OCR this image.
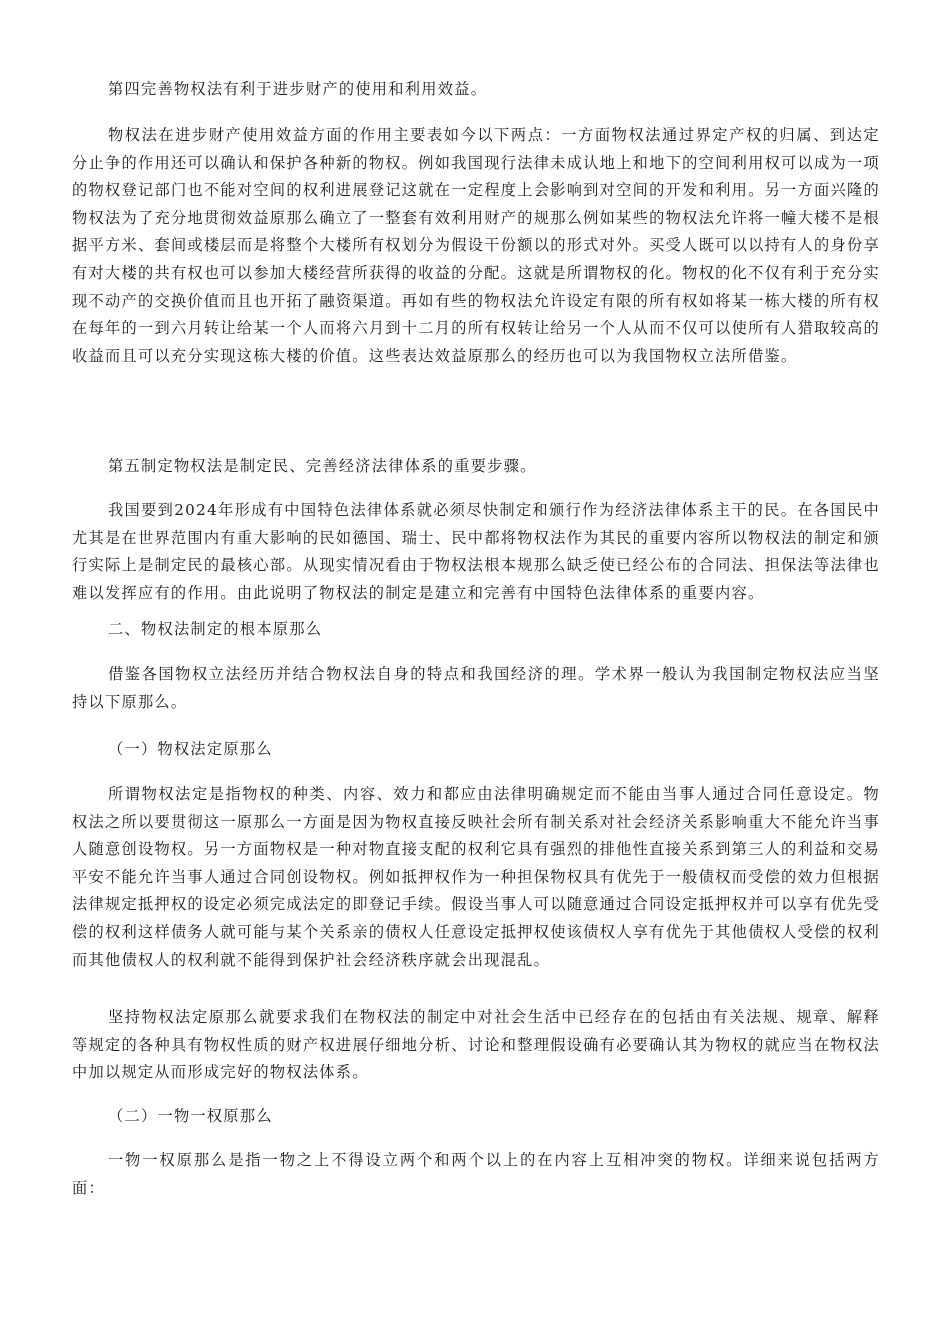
第四完善物权法有利于进步财产的使用和利用效益。

物权法在进步财产使用效益方面的作用主要表如今以下两点：一方面物权法通过界定产权的归属、到达定分止争的作用还可以确认和保护各种新的物权。例如我国现行法律未成认地上和地下的空间利用权可以成为一项的物权登记部门也不能对空间的权利进展登记这就在一定程度上会影响到对空间的开发和利用。另一方面兴隆的物权法为了充分地贯彻效益原那么确立了一整套有效利用财产的规那么例如某些的物权法允许将一幢大楼不是根据平方米、套间或楼层而是将整个大楼所有权划分为假设干份额以的形式对外。买受人既可以以持有人的身份享有对大楼的共有权也可以参加大楼经营所获得的收益的分配。这就是所谓物权的化。物权的化不仅有利于充分实现不动产的交换价值而且也开拓了融资渠道。再如有些的物权法允许设定有限的所有权如将某一栋大楼的所有权在每年的一到六月转让给某一个人而将六月到十二月的所有权转让给另一个人从而不仅可以使所有人猎取较高的收益而且可以充分实现这栋大楼的价值。这些表达效益原那么的经历也可以为我国物权立法所借鉴。

第五制定物权法是制定民、完善经济法律体系的重要步骤。

我国要到2024年形成有中国特色法律体系就必须尽快制定和颁行作为经济法律体系主干的民。在各国民中尤其是在世界范围内有重大影响的民如德国、瑞士、民中都将物权法作为其民的重要内容所以物权法的制定和颁行实际上是制定民的最核心部。从现实情况看由于物权法根本规那么缺乏使已经公布的合同法、担保法等法律也难以发挥应有的作用。由此说明了物权法的制定是建立和完善有中国特色法律体系的重要内容。

二、物权法制定的根本原那么

借鉴各国物权立法经历并结合物权法自身的特点和我国经济的理。学术界一般认为我国制定物权法应当坚持以下原那么。

（一）物权法定原那么

所谓物权法定是指物权的种类、内容、效力和都应由法律明确规定而不能由当事人通过合同任意设定。物权法之所以要贯彻这一原那么一方面是因为物权直接反映社会所有制关系对社会经济关系影响重大不能允许当事人随意创设物权。另一方面物权是一种对物直接支配的权利它具有强烈的排他性直接关系到第三人的利益和交易平安不能允许当事人通过合同创设物权。例如抵押权作为一种担保物权具有优先于一般债权而受偿的效力但根据法律规定抵押权的设定必须完成法定的即登记手续。假设当事人可以随意通过合同设定抵押权并可以享有优先受偿的权利这样债务人就可能与某个关系亲的债权人任意设定抵押权使该债权人享有优先于其他债权人受偿的权利而其他债权人的权利就不能得到保护社会经济秩序就会出现混乱。

坚持物权法定原那么就要求我们在物权法的制定中对社会生活中已经存在的包括由有关法规、规章、解释等规定的各种具有物权性质的财产权进展仔细地分析、讨论和整理假设确有必要确认其为物权的就应当在物权法中加以规定从而形成完好的物权法体系。

（二）一物一权原那么

一物一权原那么是指一物之上不得设立两个和两个以上的在内容上互相冲突的物权。详细来说包括两方面：
